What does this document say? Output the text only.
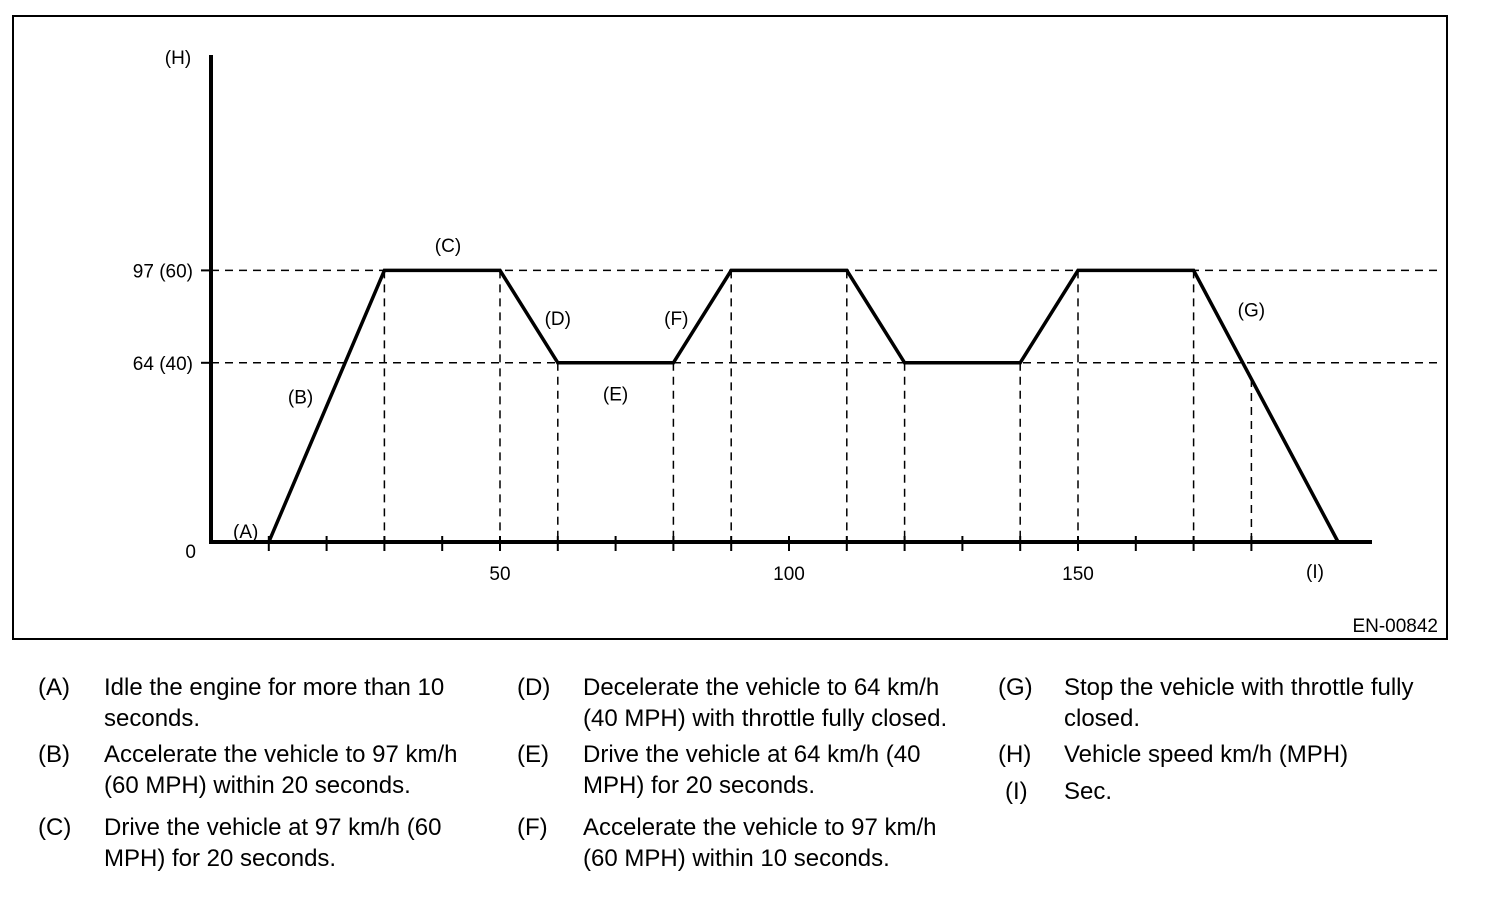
50	100	150
0
64 (40)
97 (60)
(H)
(I)
(A)
(B)
(C)
(D)
(E)
(F)	(G)
EN-00842
(A) Idle the engine for more than 10
seconds.
(B) Accelerate the vehicle to 97 km/h
(60 MPH) within 20 seconds.
(C) Drive the vehicle at 97 km/h (60
MPH) for 20 seconds.
(D) Decelerate the vehicle to 64 km/h
(40 MPH) with throttle fully closed.
(E) Drive the vehicle at 64 km/h (40
MPH) for 20 seconds.
(F) Accelerate the vehicle to 97 km/h
(60 MPH) within 10 seconds.
(G) Stop the vehicle with throttle fully
closed.
(H) Vehicle speed km/h (MPH)
(I) Sec.
